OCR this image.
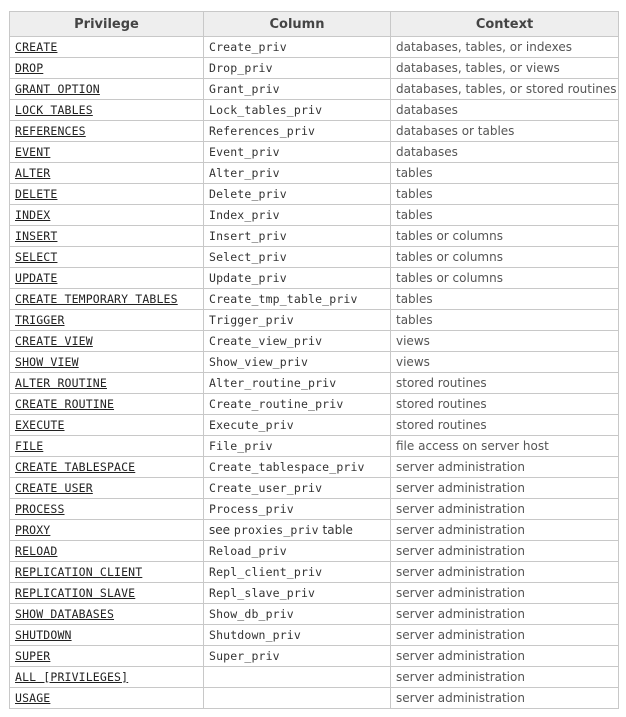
Privilege	Column	Context
CREATE	Create_priv	databases, tables, or indexes
DROP	Drop_priv	databases, tables, or views
GRANT OPTION	Grant_priv	databases, tables, or stored routines
LOCK TABLES	Lock_tables_priv	databases
REFERENCES	References_priv	databases or tables
EVENT	Event_priv	databases
ALTER	Alter_priv	tables
DELETE	Delete_priv	tables
INDEX	Index_priv	tables
INSERT	Insert_priv	tables or columns
SELECT	Select_priv	tables or columns
UPDATE	Update_priv	tables or columns
CREATE TEMPORARY TABLES	Create_tmp_table_priv	tables
TRIGGER	Trigger_priv	tables
CREATE VIEW	Create_view_priv	views
SHOW VIEW	Show_view_priv	views
ALTER ROUTINE	Alter_routine_priv	stored routines
CREATE ROUTINE	Create_routine_priv	stored routines
EXECUTE	Execute_priv	stored routines
FILE	File_priv	file access on server host
CREATE TABLESPACE	Create_tablespace_priv	server administration
CREATE USER	Create_user_priv	server administration
PROCESS	Process_priv	server administration
PROXY	see proxies_priv table	server administration
RELOAD	Reload_priv	server administration
REPLICATION CLIENT	Repl_client_priv	server administration
REPLICATION SLAVE	Repl_slave_priv	server administration
SHOW DATABASES	Show_db_priv	server administration
SHUTDOWN	Shutdown_priv	server administration
SUPER	Super_priv	server administration
ALL [PRIVILEGES]		server administration
USAGE		server administration
